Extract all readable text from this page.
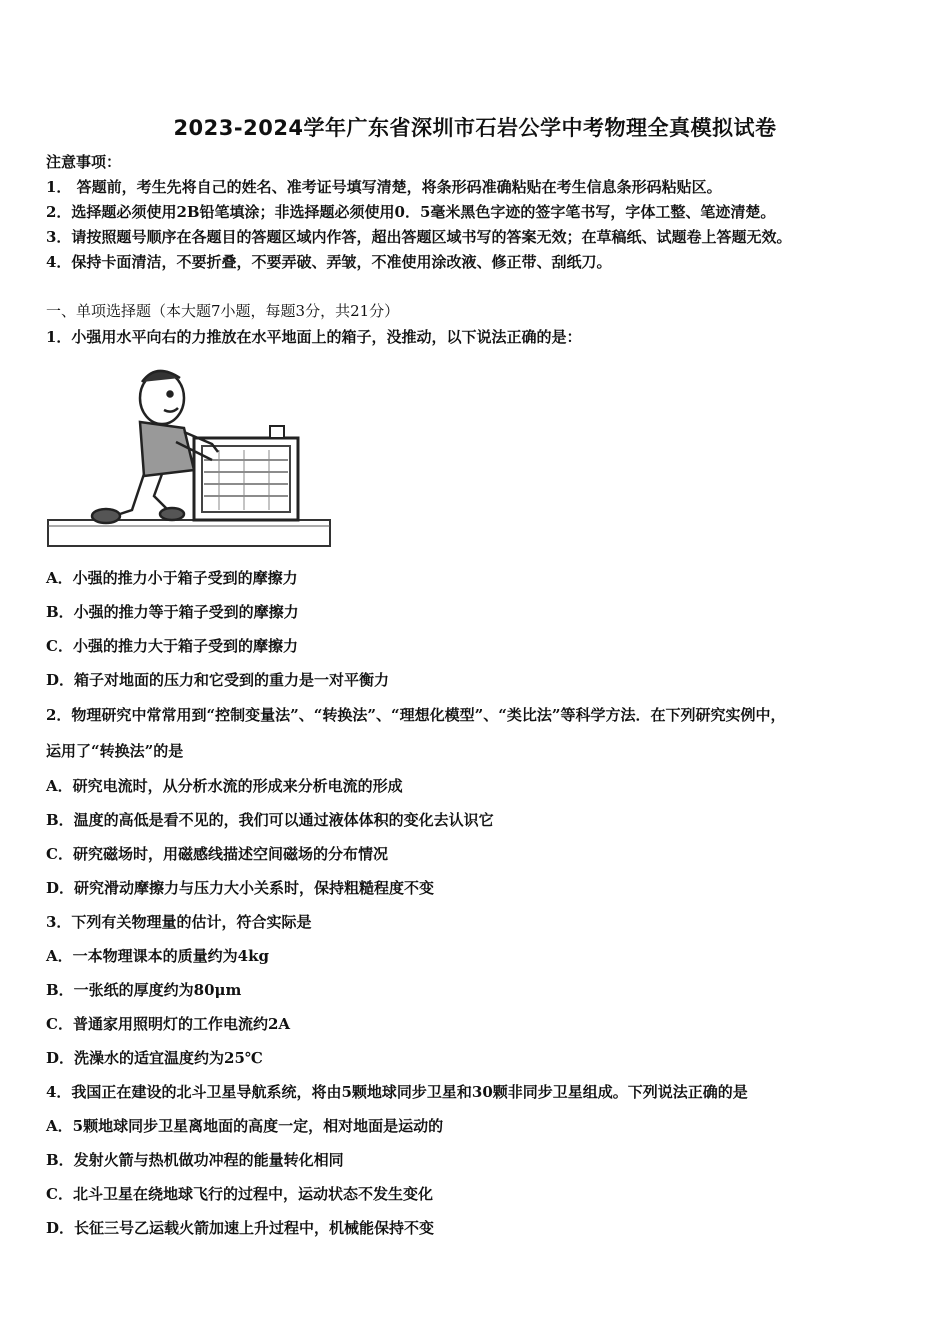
2023-2024学年广东省深圳市石岩公学中考物理全真模拟试卷
注意事项：
1． 答题前，考生先将自己的姓名、准考证号填写清楚，将条形码准确粘贴在考生信息条形码粘贴区。
2．选择题必须使用2B铅笔填涂；非选择题必须使用0．5毫米黑色字迹的签字笔书写，字体工整、笔迹清楚。
3．请按照题号顺序在各题目的答题区域内作答，超出答题区域书写的答案无效；在草稿纸、试题卷上答题无效。
4．保持卡面清洁，不要折叠，不要弄破、弄皱，不准使用涂改液、修正带、刮纸刀。
一、单项选择题（本大题7小题，每题3分，共21分）
1．小强用水平向右的力推放在水平地面上的箱子，没推动，以下说法正确的是：
A．小强的推力小于箱子受到的摩擦力
B．小强的推力等于箱子受到的摩擦力
C．小强的推力大于箱子受到的摩擦力
D．箱子对地面的压力和它受到的重力是一对平衡力
2．物理研究中常常用到“控制变量法”、“转换法”、“理想化模型”、“类比法”等科学方法．在下列研究实例中，
运用了“转换法”的是
A．研究电流时，从分析水流的形成来分析电流的形成
B．温度的高低是看不见的，我们可以通过液体体积的变化去认识它
C．研究磁场时，用磁感线描述空间磁场的分布情况
D．研究滑动摩擦力与压力大小关系时，保持粗糙程度不变
3．下列有关物理量的估计，符合实际是
A．一本物理课本的质量约为4kg
B．一张纸的厚度约为80μm
C．普通家用照明灯的工作电流约2A
D．洗澡水的适宜温度约为25℃
4．我国正在建设的北斗卫星导航系统，将由5颗地球同步卫星和30颗非同步卫星组成。下列说法正确的是
A．5颗地球同步卫星离地面的高度一定，相对地面是运动的
B．发射火箭与热机做功冲程的能量转化相同
C．北斗卫星在绕地球飞行的过程中，运动状态不发生变化
D．长征三号乙运载火箭加速上升过程中，机械能保持不变
